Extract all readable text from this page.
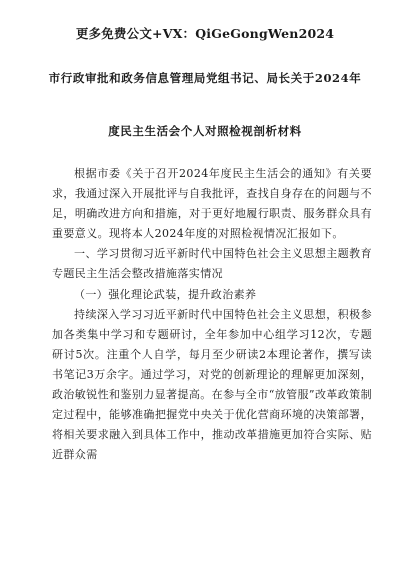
更多免费公文+VX：QiGeGongWen2024
市行政审批和政务信息管理局党组书记、局长关于2024年
度民主生活会个人对照检视剖析材料

根据市委《关于召开2024年度民主生活会的通知》有关要求，我通过深入开展批评与自我批评，查找自身存在的问题与不足，明确改进方向和措施，对于更好地履行职责、服务群众具有重要意义。现将本人2024年度的对照检视情况汇报如下。

一、学习贯彻习近平新时代中国特色社会主义思想主题教育专题民主生活会整改措施落实情况

（一）强化理论武装，提升政治素养

持续深入学习习近平新时代中国特色社会主义思想，积极参加各类集中学习和专题研讨，全年参加中心组学习12次，专题研讨5次。注重个人自学，每月至少研读2本理论著作，撰写读书笔记3万余字。通过学习，对党的创新理论的理解更加深刻，政治敏锐性和鉴别力显著提高。在参与全市“放管服”改革政策制定过程中，能够准确把握党中央关于优化营商环境的决策部署，将相关要求融入到具体工作中，推动改革措施更加符合实际、贴近群众需
